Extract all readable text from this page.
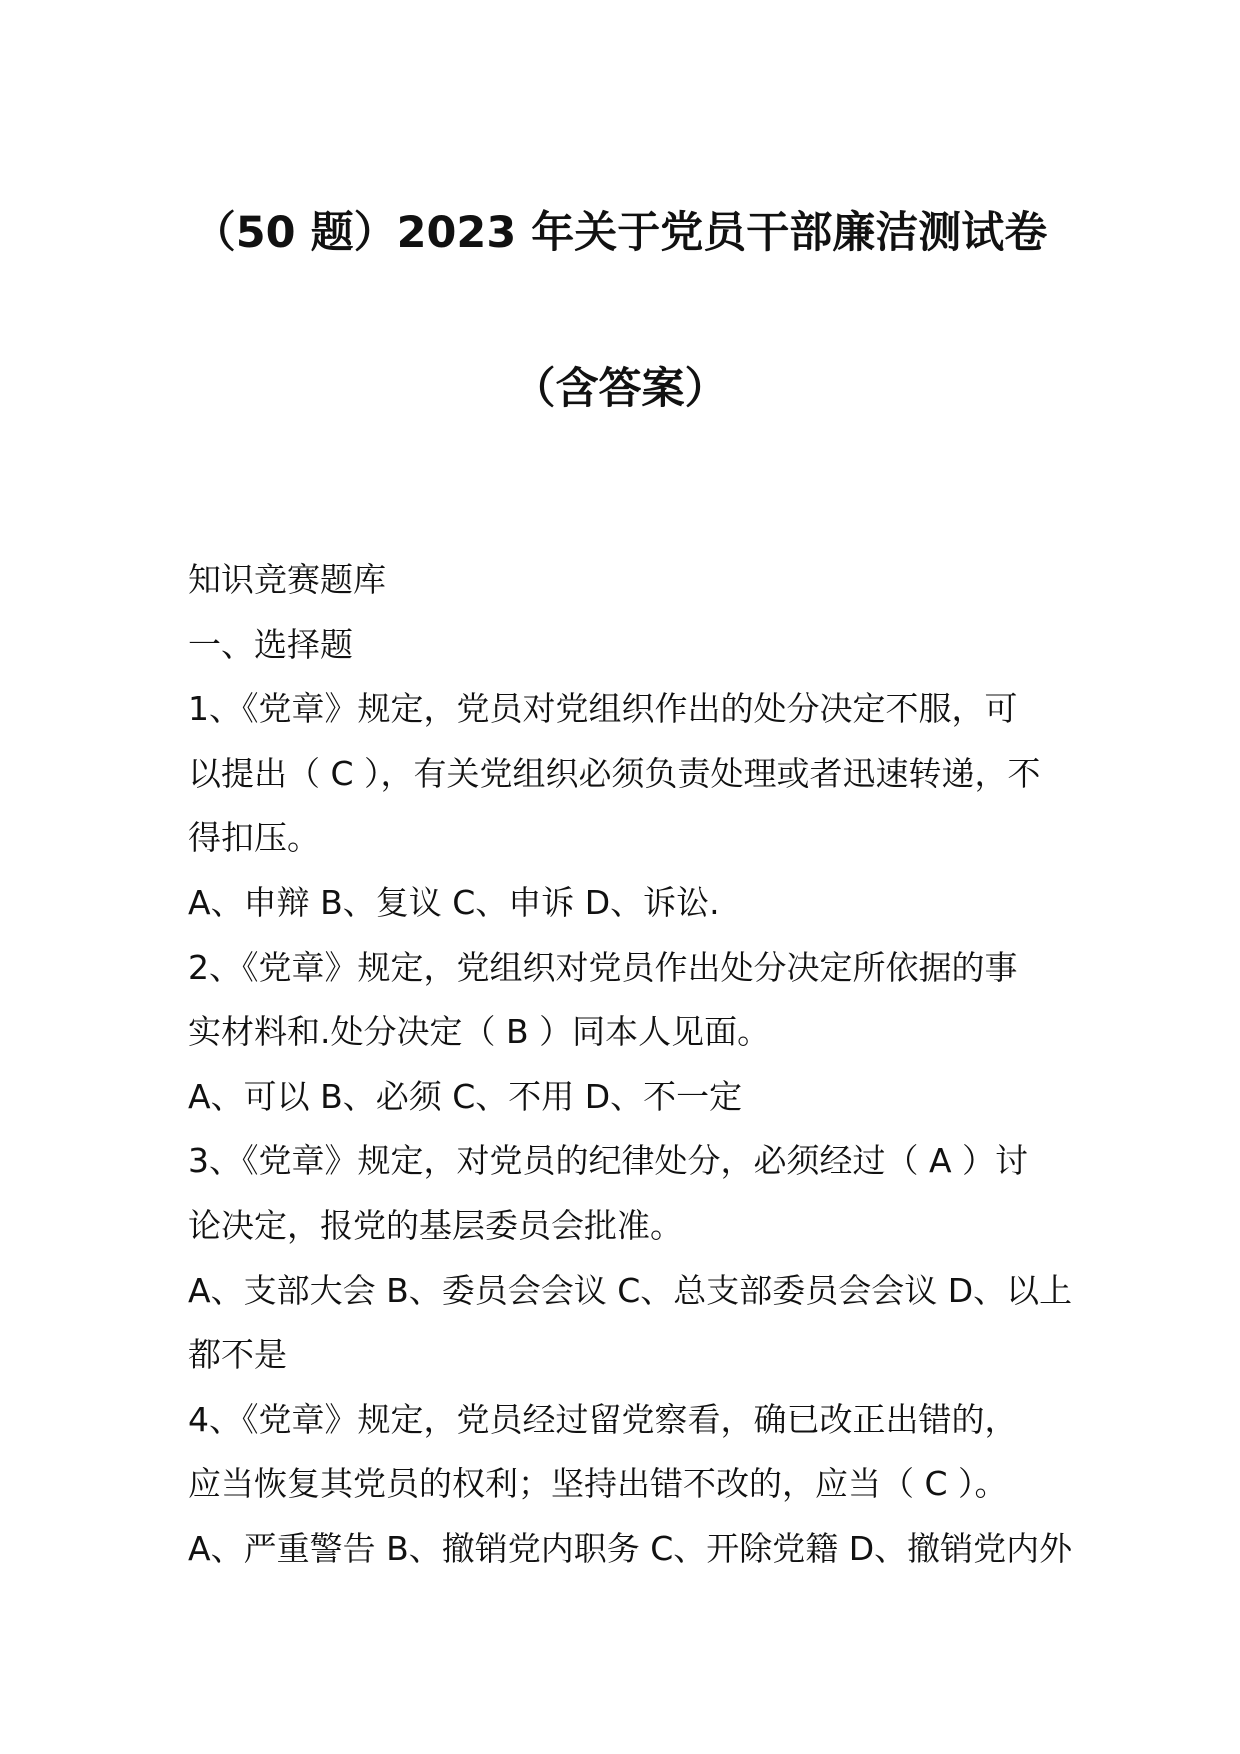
（50 题）2023 年关于党员干部廉洁测试卷
（含答案）
知识竞赛题库
一、选择题
1、《党章》规定，党员对党组织作出的处分决定不服，可
以提出（ C ），有关党组织必须负责处理或者迅速转递，不
得扣压。
A、申辩 B、复议 C、申诉 D、诉讼.
2、《党章》规定，党组织对党员作出处分决定所依据的事
实材料和.处分决定（ B ）同本人见面。
A、可以 B、必须 C、不用 D、不一定
3、《党章》规定，对党员的纪律处分，必须经过（ A ）讨
论决定，报党的基层委员会批准。
A、支部大会 B、委员会会议 C、总支部委员会会议 D、以上
都不是
4、《党章》规定，党员经过留党察看，确已改正出错的，
应当恢复其党员的权利；坚持出错不改的，应当（ C ）。
A、严重警告 B、撤销党内职务 C、开除党籍 D、撤销党内外
